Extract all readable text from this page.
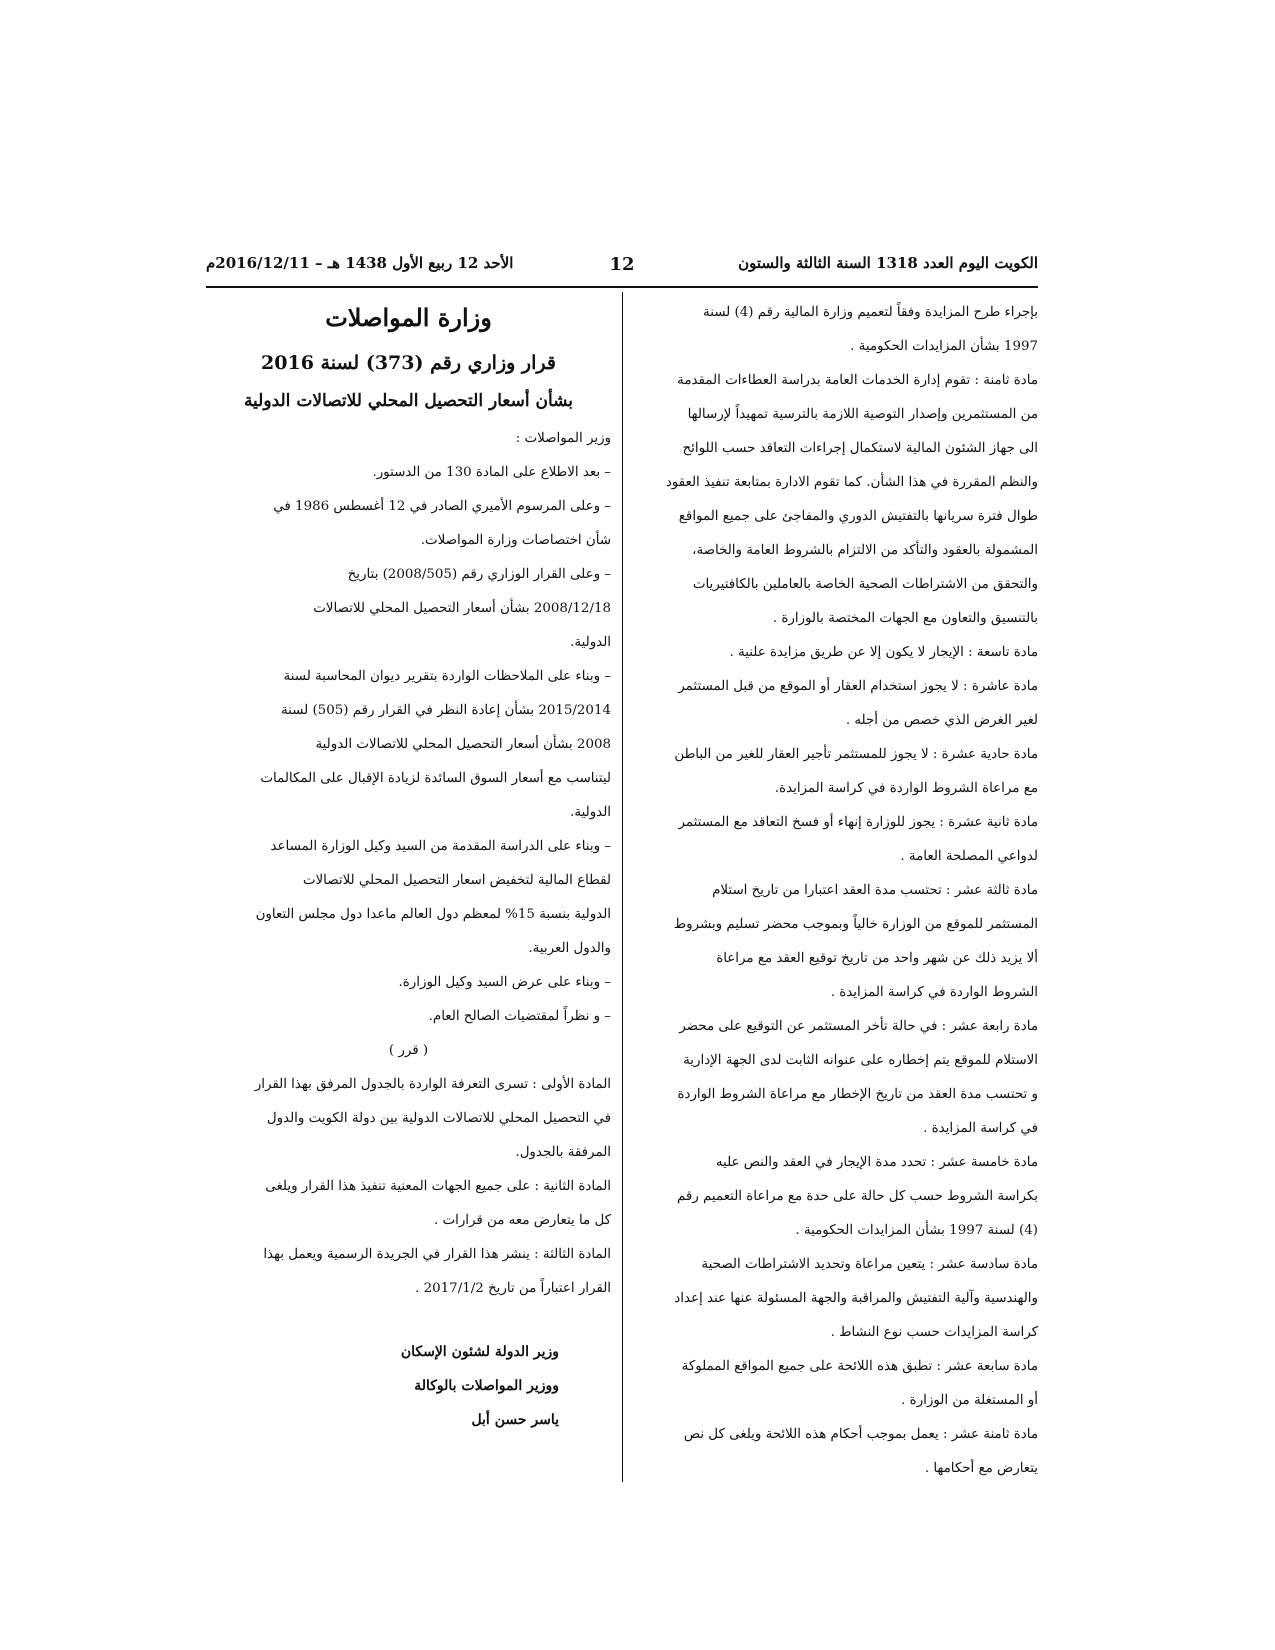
الكويت اليوم العدد 1318 السنة الثالثة والستون
12
الأحد 12 ربيع الأول 1438 هـ – 2016/12/11م

بإجراء طرح المزايدة وفقاً لتعميم وزارة المالية رقم (4) لسنة

1997 بشأن المزايدات الحكومية .

مادة ثامنة : تقوم إدارة الخدمات العامة بدراسة العطاءات المقدمة

من المستثمرين وإصدار التوصية اللازمة بالترسية تمهيداً لإرسالها

الى جهاز الشئون المالية لاستكمال إجراءات التعاقد حسب اللوائح

والنظم المقررة في هذا الشأن. كما تقوم الادارة بمتابعة تنفيذ العقود

طوال فترة سريانها بالتفتيش الدوري والمفاجئ على جميع المواقع

المشمولة بالعقود والتأكد من الالتزام بالشروط العامة والخاصة،

والتحقق من الاشتراطات الصحية الخاصة بالعاملين بالكافتيريات

بالتنسيق والتعاون مع الجهات المختصة بالوزارة .

مادة تاسعة : الإيجار لا يكون إلا عن طريق مزايدة علنية .

مادة عاشرة : لا يجوز استخدام العقار أو الموقع من قبل المستثمر

لغير الغرض الذي خصص من أجله .

مادة حادية عشرة : لا يجوز للمستثمر تأجير العقار للغير من الباطن

مع مراعاة الشروط الواردة في كراسة المزايدة.

مادة ثانية عشرة : يجوز للوزارة إنهاء أو فسخ التعاقد مع المستثمر

لدواعي المصلحة العامة .

مادة ثالثة عشر : تحتسب مدة العقد اعتبارا من تاريخ استلام

المستثمر للموقع من الوزارة خالياً وبموجب محضر تسليم وبشروط

ألا يزيد ذلك عن شهر واحد من تاريخ توقيع العقد مع مراعاة

الشروط الواردة في كراسة المزايدة .

مادة رابعة عشر : في حالة تأخر المستثمر عن التوقيع على محضر

الاستلام للموقع يتم إخطاره على عنوانه الثابت لدى الجهة الإدارية

و تحتسب مدة العقد من تاريخ الإخطار مع مراعاة الشروط الواردة

في كراسة المزايدة .

مادة خامسة عشر : تحدد مدة الإيجار في العقد والنص عليه

بكراسة الشروط حسب كل حالة على حدة مع مراعاة التعميم رقم

(4) لسنة 1997 بشأن المزايدات الحكومية .

مادة سادسة عشر : يتعين مراعاة وتحديد الاشتراطات الصحية

والهندسية وآلية التفتيش والمراقبة والجهة المسئولة عنها عند إعداد

كراسة المزايدات حسب نوع النشاط .

مادة سابعة عشر : تطبق هذه اللائحة على جميع المواقع المملوكة

أو المستغلة من الوزارة .

مادة ثامنة عشر : يعمل بموجب أحكام هذه اللائحة ويلغى كل نص

يتعارض مع أحكامها .

وزارة المواصلات

قرار وزاري رقم (373) لسنة 2016

بشأن أسعار التحصيل المحلي للاتصالات الدولية

وزير المواصلات :

– بعد الاطلاع على المادة 130 من الدستور.

– وعلى المرسوم الأميري الصادر في 12 أغسطس 1986 في

شأن اختصاصات وزارة المواصلات.

– وعلى القرار الوزاري رقم (2008/505) بتاريخ

2008/12/18 بشأن أسعار التحصيل المحلي للاتصالات

الدولية.

– وبناء على الملاحظات الواردة بتقرير ديوان المحاسبة لسنة

2015/2014 بشأن إعادة النظر في القرار رقم (505) لسنة

2008 بشأن أسعار التحصيل المحلي للاتصالات الدولية

ليتناسب مع أسعار السوق السائدة لزيادة الإقبال على المكالمات

الدولية.

– وبناء على الدراسة المقدمة من السيد وكيل الوزارة المساعد

لقطاع المالية لتخفيض اسعار التحصيل المحلي للاتصالات

الدولية بنسبة 15% لمعظم دول العالم ماعدا دول مجلس التعاون

والدول العربية.

– وبناء على عرض السيد وكيل الوزارة.

– و نظراً لمقتضيات الصالح العام.

( قرر )

المادة الأولى : تسرى التعرفة الواردة بالجدول المرفق بهذا القرار

في التحصيل المحلي للاتصالات الدولية بين دولة الكويت والدول

المرفقة بالجدول.

المادة الثانية : على جميع الجهات المعنية تنفيذ هذا القرار ويلغى

كل ما يتعارض معه من قرارات .

المادة الثالثة : ينشر هذا القرار في الجريدة الرسمية ويعمل بهذا

القرار اعتباراً من تاريخ 2017/1/2 .

وزير الدولة لشئون الإسكان

ووزير المواصلات بالوكالة

ياسر حسن أبل
